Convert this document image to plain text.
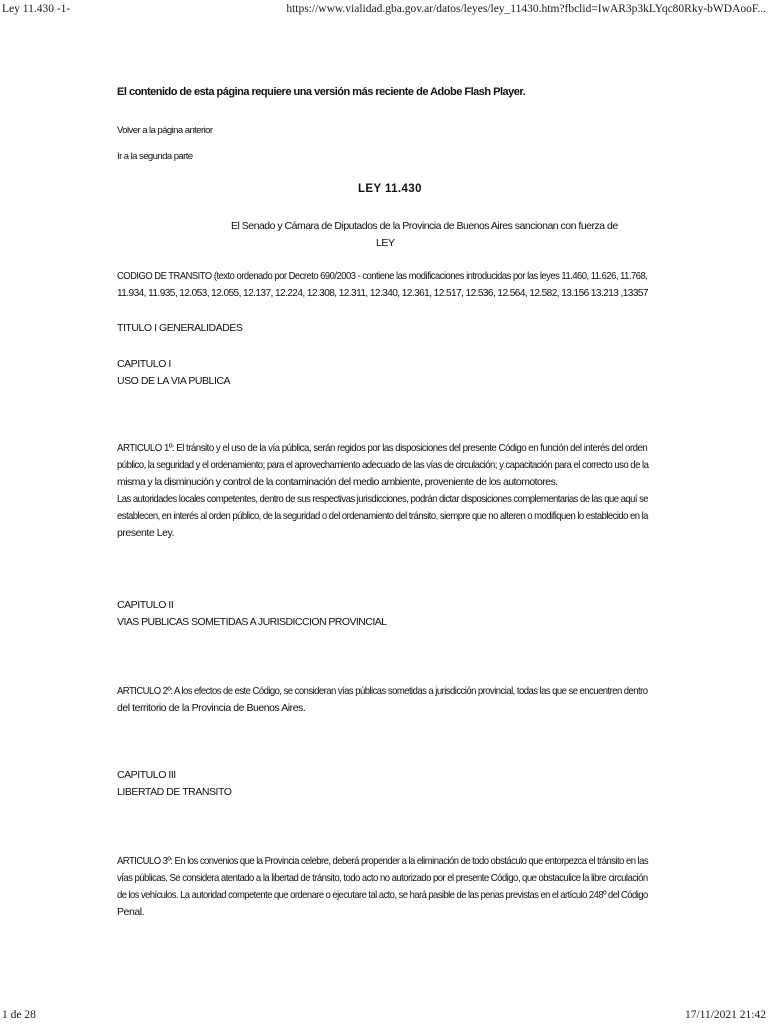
Ley 11.430 -1-	https://www.vialidad.gba.gov.ar/datos/leyes/ley_11430.htm?fbclid=IwAR3p3kLYqc80Rky-bWDAooF...
El contenido de esta página requiere una versión más reciente de Adobe Flash Player.
Volver a la página anterior
Ir a la segunda parte
LEY 11.430
El Senado y Cámara de Diputados de la Provincia de Buenos Aires sancionan con fuerza de
LEY
CODIGO DE TRANSITO (texto ordenado por Decreto 690/2003 - contiene las modificaciones introducidas por las leyes 11.460, 11.626, 11.768,
11.934, 11.935, 12.053, 12.055, 12.137, 12.224, 12.308, 12.311, 12.340, 12.361, 12.517, 12.536, 12.564, 12.582, 13.156 13.213 ,13357
TITULO I GENERALIDADES
CAPITULO I
USO DE LA VIA PUBLICA
ARTICULO 1º: El tránsito y el uso de la vía pública, serán regidos por las disposiciones del presente Código en función del interés del orden
público, la seguridad y el ordenamiento; para el aprovechamiento adecuado de las vías de circulación; y capacitación para el correcto uso de la
misma y la disminución y control de la contaminación del medio ambiente, proveniente de los automotores.
Las autoridades locales competentes, dentro de sus respectivas jurisdicciones, podrán dictar disposiciones complementarias de las que aquí se
establecen, en interés al orden público, de la seguridad o del ordenamiento del tránsito, siempre que no alteren o modifiquen lo establecido en la
presente Ley.
CAPITULO II
VIAS PUBLICAS SOMETIDAS A JURISDICCION PROVINCIAL
ARTICULO 2º: A los efectos de este Código, se consideran vías públicas sometidas a jurisdicción provincial, todas las que se encuentren dentro
del territorio de la Provincia de Buenos Aires.
CAPITULO III
LIBERTAD DE TRANSITO
ARTICULO 3º: En los convenios que la Provincia celebre, deberá propender a la eliminación de todo obstáculo que entorpezca el tránsito en las
vías públicas. Se considera atentado a la libertad de tránsito, todo acto no autorizado por el presente Código, que obstaculice la libre circulación
de los vehículos. La autoridad competente que ordenare o ejecutare tal acto, se hará pasible de las penas previstas en el artículo 248º del Código
Penal.
1 de 28	17/11/2021 21:42
